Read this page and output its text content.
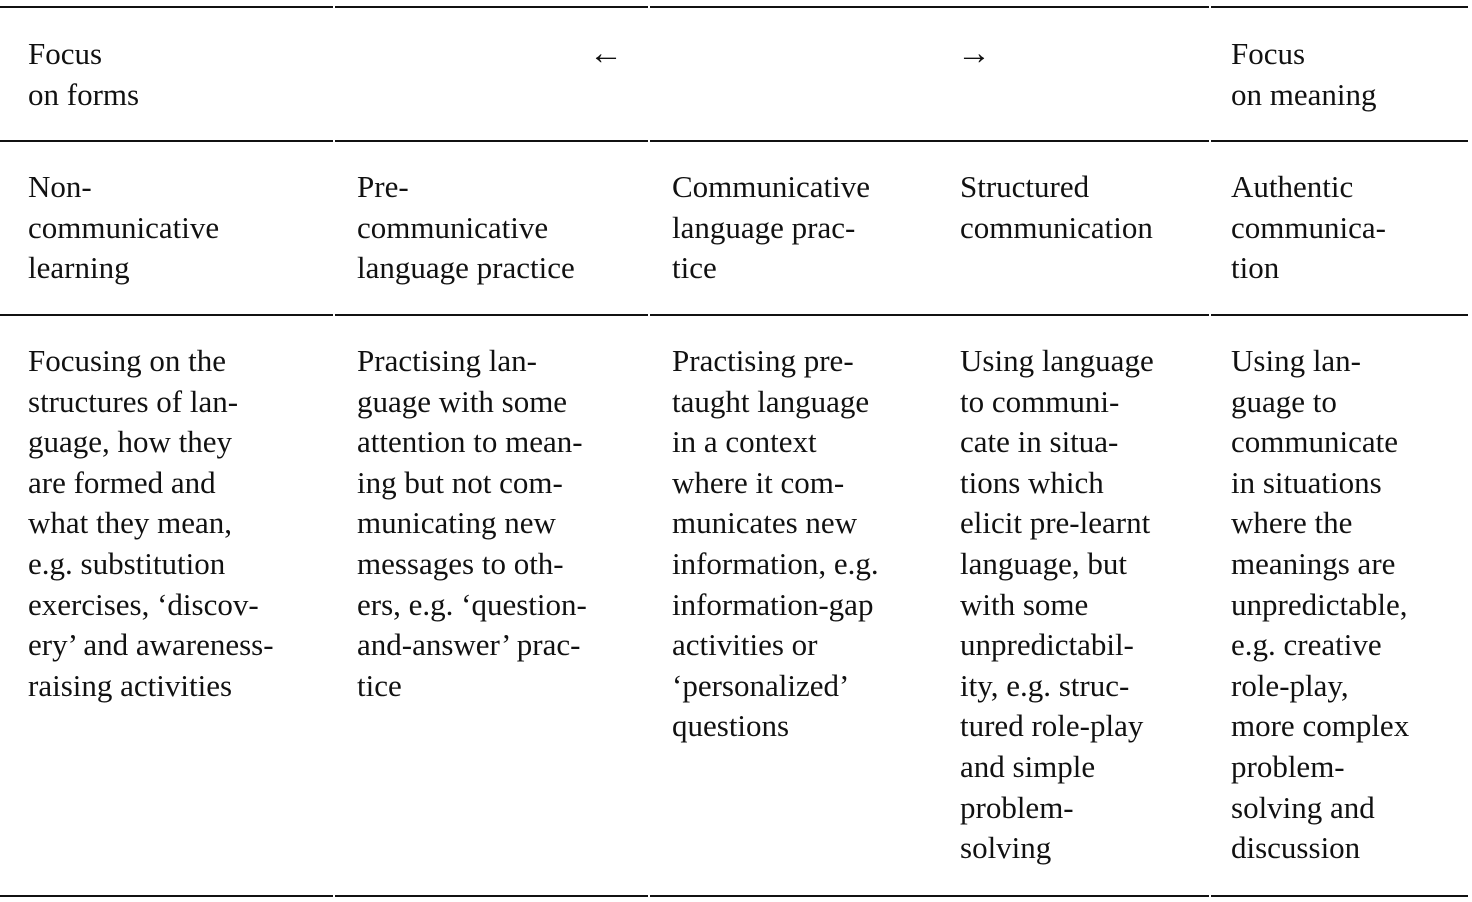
Focus
on forms
←	→	Focus
on meaning
Non-
communicative
learning
Pre-
communicative
language practice
Communicative
language prac-
tice
Structured
communication
Authentic
communica-
tion
Focusing on the
structures of lan-
guage, how they
are formed and
what they mean,
e.g. substitution
exercises, ‘discov-
ery’ and awareness-
raising activities
Practising lan-
guage with some
attention to mean-
ing but not com-
municating new
messages to oth-
ers, e.g. ‘question-
and-answer’ prac-
tice
Practising pre-
taught language
in a context
where it com-
municates new
information, e.g.
information-gap
activities or
‘personalized’
questions
Using language
to communi-
cate in situa-
tions which
elicit pre-learnt
language, but
with some
unpredictabil-
ity, e.g. struc-
tured role-play
and simple
problem-
solving
Using lan-
guage to
communicate
in situations
where the
meanings are
unpredictable,
e.g. creative
role-play,
more complex
problem-
solving and
discussion
